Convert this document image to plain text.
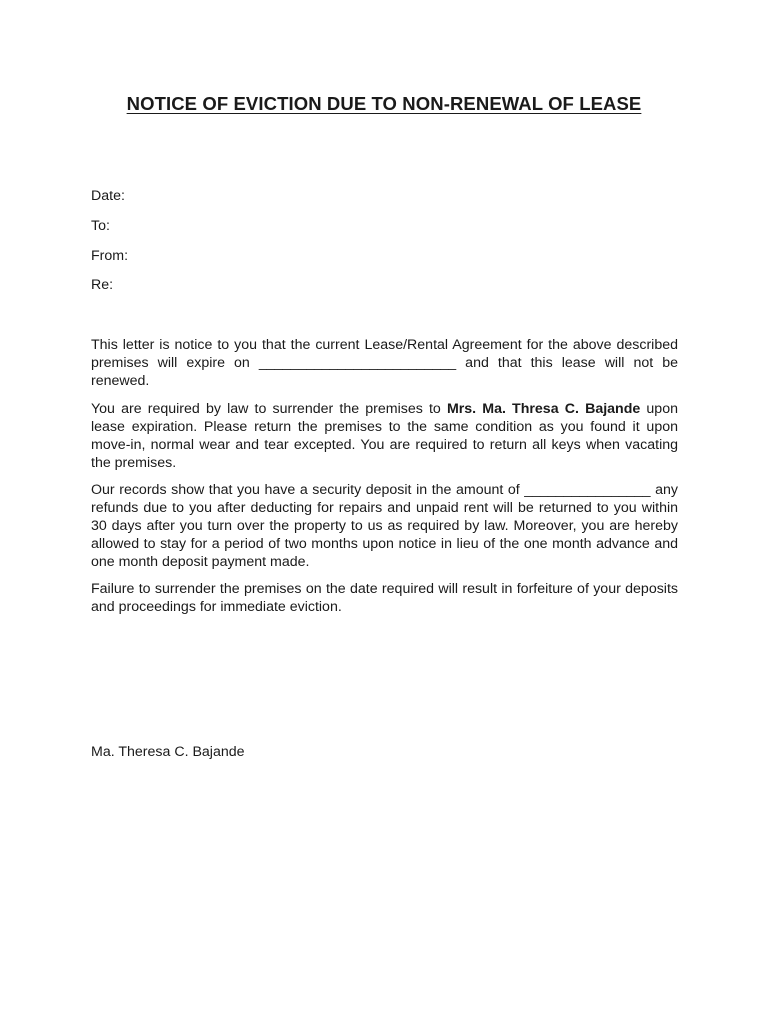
NOTICE OF EVICTION DUE TO NON-RENEWAL OF LEASE
Date:
To:
From:
Re:

This letter is notice to you that the current Lease/Rental Agreement for the above described premises will expire on _________________________ and that this lease will not be renewed.

You are required by law to surrender the premises to Mrs. Ma. Thresa C. Bajande upon lease expiration. Please return the premises to the same condition as you found it upon move-in, normal wear and tear excepted. You are required to return all keys when vacating the premises.

Our records show that you have a security deposit in the amount of ________________ any refunds due to you after deducting for repairs and unpaid rent will be returned to you within 30 days after you turn over the property to us as required by law. Moreover, you are hereby allowed to stay for a period of two months upon notice in lieu of the one month advance and one month deposit payment made.

Failure to surrender the premises on the date required will result in forfeiture of your deposits and proceedings for immediate eviction.

Ma. Theresa C. Bajande
